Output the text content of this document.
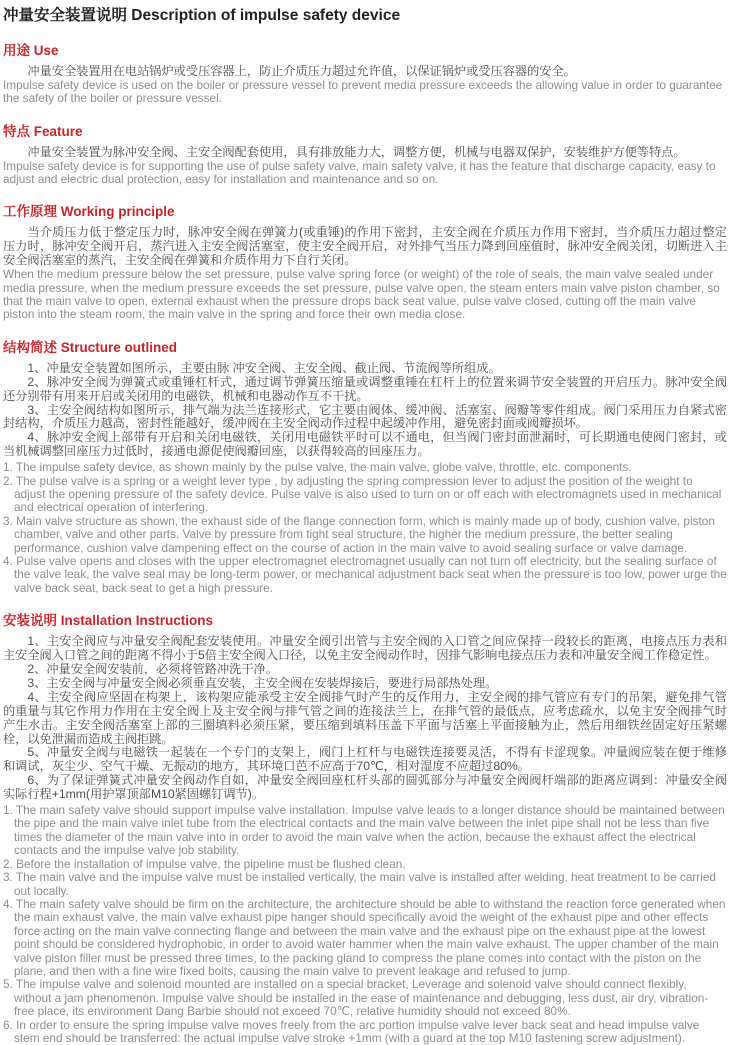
冲量安全装置说明 Description of impulse safety device
用途 Use

冲量安全装置用在电站锅炉或受压容器上，防止介质压力超过允许值，以保证锅炉或受压容器的安全。

Impulse safety device is used on the boiler or pressure vessel to prevent media pressure exceeds the allowing value in order to guarantee the safety of the boiler or pressure vessel.

特点 Feature

冲量安全装置为脉冲安全阀、主安全阀配套使用，具有排放能力大，调整方便，机械与电器双保护，安装维护方便等特点。

Impulse safety device is for supporting the use of pulse safety valve, main safety valve, it has the feature that discharge capacity, easy to adjust and electric dual protection, easy for installation and maintenance and so on.

工作原理 Working principle

当介质压力低于整定压力时，脉冲安全阀在弹簧力(或重锤)的作用下密封，主安全阀在介质压力作用下密封，当介质压力超过整定压力时，脉冲安全阀开启，蒸汽进入主安全阀活塞室，使主安全阀开启，对外排气当压力降到回座值时，脉冲安全阀关闭，切断进入主安全阀活塞室的蒸汽，主安全阀在弹簧和介质作用力下自行关闭。

When the medium pressure below the set pressure, pulse valve spring force (or weight) of the role of seals, the main valve sealed under media pressure, when the medium pressure exceeds the set pressure, pulse valve open, the steam enters main valve piston chamber, so that the main valve to open, external exhaust when the pressure drops back seat value, pulse valve closed, cutting off the main valve piston into the steam room, the main valve in the spring and force their own media close.

结构简述 Structure outlined

1、冲量安全装置如图所示，主要由脉 冲安全阀、主安全阀、截止阀、节流阀等所组成。

2、脉冲安全阀为弹簧式或重锤杠杆式，通过调节弹簧压缩量或调整重锤在杠杆上的位置来调节安全装置的开启压力。脉冲安全阀还分别带有用来开启或关闭用的电磁铁，机械和电器动作互不干扰。

3、主安全阀结构如图所示，排气端为法兰连接形式，它主要由阀体、缓冲阀、活塞室、阀瓣等零件组成。阀门采用压力自紧式密封结构，介质压力越高，密封性能越好，缓冲阀在主安全阀动作过程中起缓冲作用，避免密封面或阀瓣损坏。

4、脉冲安全阀上部带有开启和关闭电磁铁，关闭用电磁铁平时可以不通电，但当阀门密封面泄漏时，可长期通电使阀门密封，或当机械调整回座压力过低时，接通电源促使阀瓣回座，以获得较高的回座压力。

1. The impulse safety device, as shown mainly by the pulse valve, the main valve, globe valve, throttle, etc. components.

2. The pulse valve is a spring or a weight lever type , by adjusting the spring compression lever to adjust the position of the weight to adjust the opening pressure of the safety device. Pulse valve is also used to turn on or off each with electromagnets used in mechanical and electrical operation of interfering.

3. Main valve structure as shown, the exhaust side of the flange connection form, which is mainly made up of body, cushion valve, piston chamber, valve and other parts. Valve by pressure from tight seal structure, the higher the medium pressure, the better sealing performance, cushion valve dampening effect on the course of action in the main valve to avoid sealing surface or valve damage.

4. Pulse valve opens and closes with the upper electromagnet electromagnet usually can not turn off electricity, but the sealing surface of the valve leak, the valve seal may be long-term power, or mechanical adjustment back seat when the pressure is too low, power urge the valve back seat, back seat to get a high pressure.

安装说明 Installation Instructions

1、主安全阀应与冲量安全阀配套安装使用。冲量安全阀引出管与主安全阀的入口管之间应保持一段较长的距离，电接点压力表和主安全阀入口管之间的距离不得小于5倍主安全阀入口径，以免主安全阀动作时，因排气影响电接点压力表和冲量安全阀工作稳定性。

2、冲量安全阀安装前，必须将管路冲洗干净。

3、主安全阀与冲量安全阀必须垂直安装，主安全阀在安装焊接后，要进行局部热处理。

4、主安全阀应坚固在构架上，该构架应能承受主安全阀排气时产生的反作用力，主安全阀的排气管应有专门的吊架，避免排气管的重量与其它作用力作用在主安全阀上及主安全阀与排气管之间的连接法兰上，在排气管的最低点，应考虑疏水，以免主安全阀排气时产生水击。主安全阀活塞室上部的三圈填料必须压紧，要压缩到填料压盖下平面与活塞上平面接触为止，然后用细铁丝固定好压紧螺栓，以免泄漏而造成主阀拒跳。

5、冲量安全阀与电磁铁一起装在一个专门的支架上，阀门上杠杆与电磁铁连接要灵活，不得有卡涩现象。冲量阀应装在便于维修和调试，灰尘少、空气干燥、无振动的地方，其环境口芭不应高于70℃，相对湿度不应超过80%。

6、为了保证弹簧式冲量安全阀动作自如，冲量安全阀回座杠杆头部的圆弧部分与冲量安全阀阀杆端部的距离应调到：冲量安全阀实际行程+1mm(用护罩顶部M10紧固螺钉调节)。

1. The main safety valve should support impulse valve installation. Impulse valve leads to a longer distance should be maintained between the pipe and the main valve inlet tube from the electrical contacts and the main valve between the inlet pipe shall not be less than five times the diameter of the main valve into in order to avoid the main valve when the action, because the exhaust affect the electrical contacts and the impulse valve job stability.

2. Before the installation of impulse valve, the pipeline must be flushed clean.

3. The main valve and the impulse valve must be installed vertically, the main valve is installed after welding, heat treatment to be carried out locally.

4. The main safety valve should be firm on the architecture, the architecture should be able to withstand the reaction force generated when the main exhaust valve, the main valve exhaust pipe hanger should specifically avoid the weight of the exhaust pipe and other effects force acting on the main valve connecting flange and between the main valve and the exhaust pipe on the exhaust pipe at the lowest point should be considered hydrophobic, in order to avoid water hammer when the main valve exhaust. The upper chamber of the main valve piston filler must be pressed three times, to the packing gland to compress the plane comes into contact with the piston on the plane, and then with a fine wire fixed bolts, causing the main valve to prevent leakage and refused to jump.

5. The impulse valve and solenoid mounted are installed on a special bracket, Leverage and solenoid valve should connect flexibly, without a jam phenomenon. Impulse valve should be installed in the ease of maintenance and debugging, less dust, air dry, vibration-free place, its environment Dang Barbie should not exceed 70℃, relative humidity should not exceed 80%.

6. In order to ensure the spring impulse valve moves freely from the arc portion impulse valve lever back seat and head impulse valve stem end should be transferred: the actual impulse valve stroke +1mm (with a guard at the top M10 fastening screw adjustment).
